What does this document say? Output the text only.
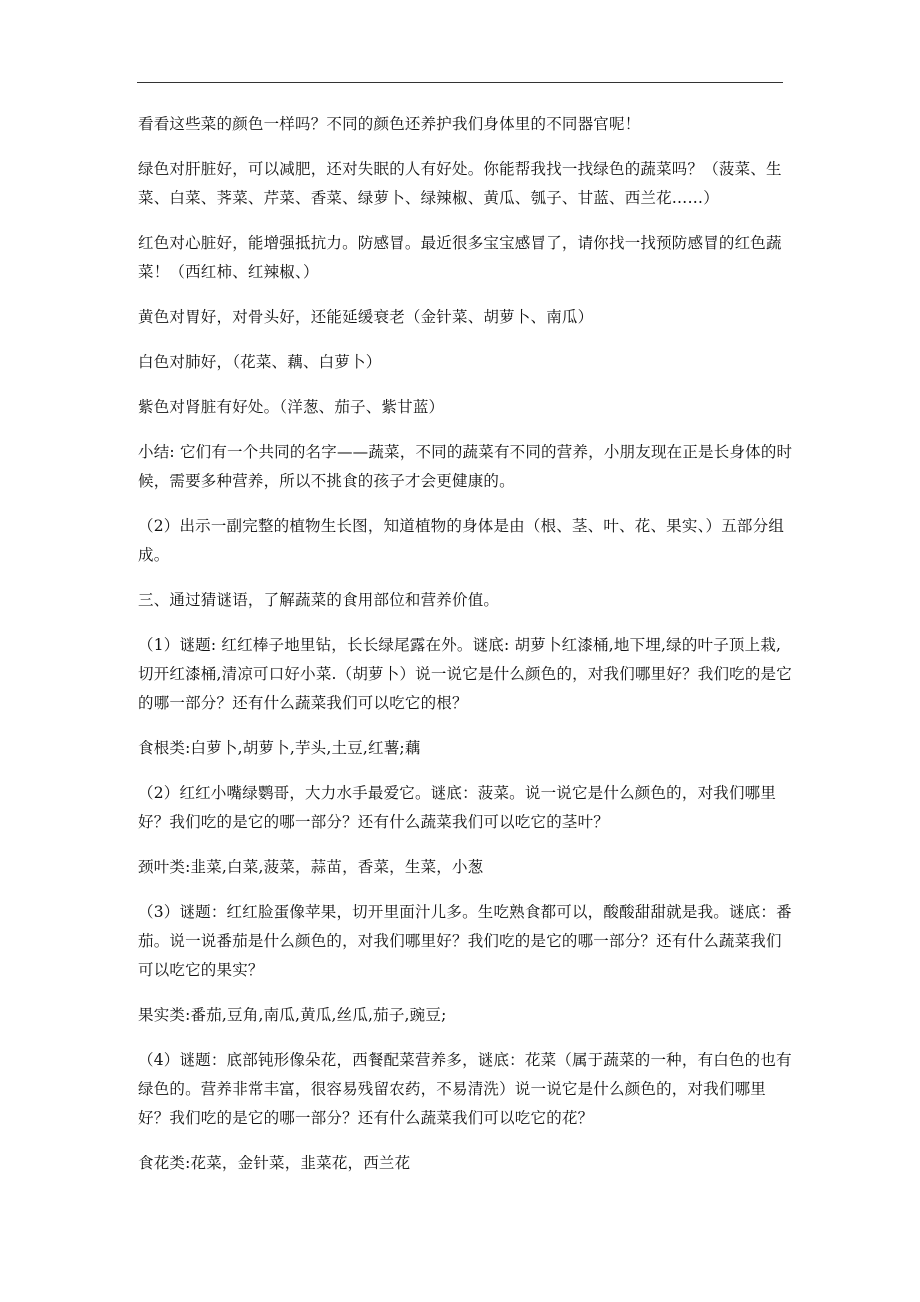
看看这些菜的颜色一样吗？不同的颜色还养护我们身体里的不同器官呢！

绿色对肝脏好，可以减肥，还对失眠的人有好处。你能帮我找一找绿色的蔬菜吗？（菠菜、生菜、白菜、荠菜、芹菜、香菜、绿萝卜、绿辣椒、黄瓜、瓠子、甘蓝、西兰花……）

红色对心脏好，能增强抵抗力。防感冒。最近很多宝宝感冒了，请你找一找预防感冒的红色蔬菜！（西红柿、红辣椒、）

黄色对胃好，对骨头好，还能延缓衰老（金针菜、胡萝卜、南瓜）

白色对肺好，（花菜、藕、白萝卜）

紫色对肾脏有好处。（洋葱、茄子、紫甘蓝）

小结: 它们有一个共同的名字——蔬菜，不同的蔬菜有不同的营养，小朋友现在正是长身体的时候，需要多种营养，所以不挑食的孩子才会更健康的。

（2）出示一副完整的植物生长图，知道植物的身体是由（根、茎、叶、花、果实、）五部分组成。

三、通过猜谜语，了解蔬菜的食用部位和营养价值。

（1）谜题: 红红棒子地里钻，长长绿尾露在外。谜底: 胡萝卜红漆桶,地下埋,绿的叶子顶上栽,切开红漆桶,清凉可口好小菜.（胡萝卜）说一说它是什么颜色的，对我们哪里好？我们吃的是它的哪一部分？还有什么蔬菜我们可以吃它的根？

食根类:白萝卜,胡萝卜,芋头,土豆,红薯;藕

（2）红红小嘴绿鹦哥，大力水手最爱它。谜底：菠菜。说一说它是什么颜色的，对我们哪里好？我们吃的是它的哪一部分？还有什么蔬菜我们可以吃它的茎叶？

颈叶类:韭菜,白菜,菠菜，蒜苗，香菜，生菜，小葱

（3）谜题：红红脸蛋像苹果，切开里面汁儿多。生吃熟食都可以，酸酸甜甜就是我。谜底：番茄。说一说番茄是什么颜色的，对我们哪里好？我们吃的是它的哪一部分？还有什么蔬菜我们可以吃它的果实？

果实类:番茄,豆角,南瓜,黄瓜,丝瓜,茄子,豌豆;

（4）谜题：底部钝形像朵花，西餐配菜营养多，谜底：花菜（属于蔬菜的一种，有白色的也有绿色的。营养非常丰富，很容易残留农药，不易清洗）说一说它是什么颜色的，对我们哪里好？我们吃的是它的哪一部分？还有什么蔬菜我们可以吃它的花？

食花类:花菜，金针菜，韭菜花，西兰花
